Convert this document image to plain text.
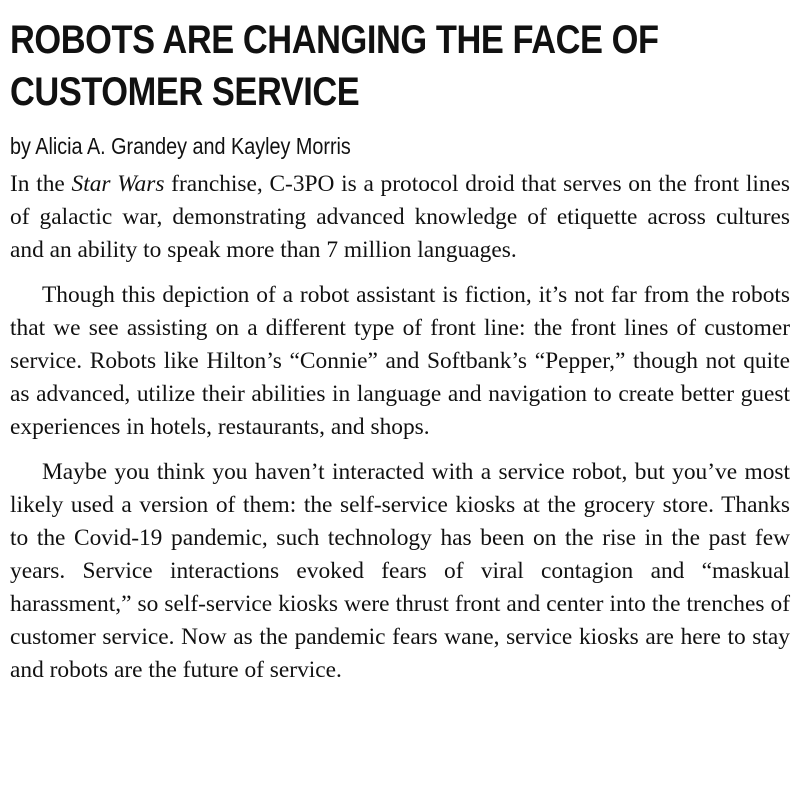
ROBOTS ARE CHANGING THE FACE OF
CUSTOMER SERVICE
by Alicia A. Grandey and Kayley Morris

In the Star Wars franchise, C-3PO is a protocol droid that serves on the front lines of galactic war, demonstrating advanced knowledge of etiquette across cultures and an ability to speak more than 7 million languages.

Though this depiction of a robot assistant is fiction, it’s not far from the robots that we see assisting on a different type of front line: the front lines of customer service. Robots like Hilton’s “Connie” and Softbank’s “Pepper,” though not quite as advanced, utilize their abilities in language and navigation to create better guest experiences in hotels, restaurants, and shops.

Maybe you think you haven’t interacted with a service robot, but you’ve most likely used a version of them: the self-service kiosks at the grocery store. Thanks to the Covid-19 pandemic, such technology has been on the rise in the past few years. Service interactions evoked fears of viral contagion and “maskual harassment,” so self-service kiosks were thrust front and center into the trenches of customer service. Now as the pandemic fears wane, service kiosks are here to stay and robots are the future of service.
